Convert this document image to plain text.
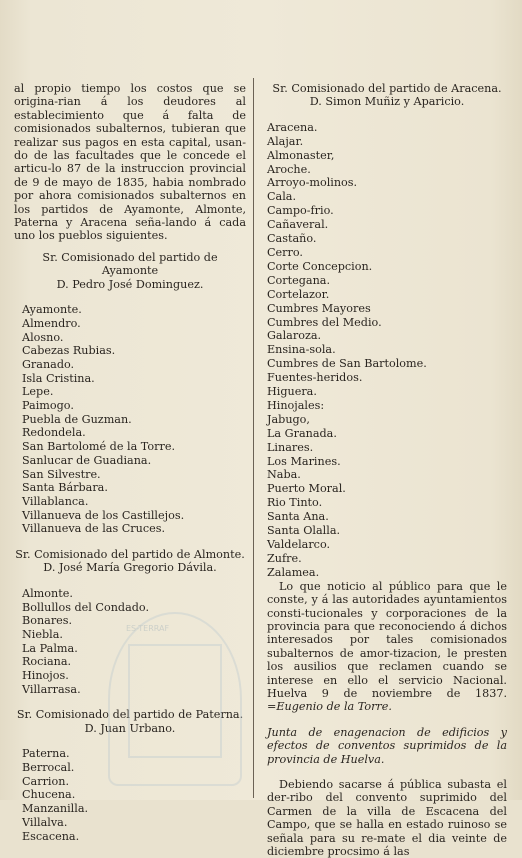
al propio tiempo los costos que se origina-rian á los deudores al establecimiento que á falta de comisionados subalternos, tubieran que realizar sus pagos en esta capital, usan-do de las facultades que le concede el articu-lo 87 de la instruccion provincial de 9 de mayo de 1835, habia nombrado por ahora comisionados subalternos en los partidos de Ayamonte, Almonte, Paterna y Aracena seña-lando á cada uno los pueblos siguientes.

Sr. Comisionado del partido de Ayamonte

D. Pedro José Dominguez.

Ayamonte.
Almendro.
Alosno.
Cabezas Rubias.
Granado.
Isla Cristina.
Lepe.
Paimogo.
Puebla de Guzman.
Redondela.
San Bartolomé de la Torre.
Sanlucar de Guadiana.
San Silvestre.
Santa Bárbara.
Villablanca.
Villanueva de los Castillejos.
Villanueva de las Cruces.

Sr. Comisionado del partido de Almonte.

D. José María Gregorio Dávila.

Almonte.
Bollullos del Condado.
Bonares.
Niebla.
La Palma.
Rociana.
Hinojos.
Villarrasa.

Sr. Comisionado del partido de Paterna.

D. Juan Urbano.

Paterna.
Berrocal.
Carrion.
Chucena.
Manzanilla.
Villalva.
Escacena.

Sr. Comisionado del partido de Aracena.

D. Simon Muñiz y Aparicio.

Aracena.
Alajar.
Almonaster,
Aroche.
Arroyo-molinos.
Cala.
Campo-frio.
Cañaveral.
Castaño.
Cerro.
Corte Concepcion.
Cortegana.
Cortelazor.
Cumbres Mayores
Cumbres del Medio.
Galaroza.
Ensina-sola.
Cumbres de San Bartolome.
Fuentes-heridos.
Higuera.
Hinojales:
Jabugo,
La Granada.
Linares.
Los Marines.
Naba.
Puerto Moral.
Rio Tinto.
Santa Ana.
Santa Olalla.
Valdelarco.
Zufre.
Zalamea.

Lo que noticio al público para que le conste, y á las autoridades ayuntamientos consti-tucionales y corporaciones de la provincia para que reconociendo á dichos interesados por tales comisionados subalternos de amor-tizacion, le presten los ausilios que reclamen cuando se interese en ello el servicio Nacional. Huelva 9 de noviembre de 1837. =Eugenio de la Torre.

Junta de enagenacion de edificios y efectos de conventos suprimidos de la provincia de Huelva.

Debiendo sacarse á pública subasta el der-ribo del convento suprimido del Carmen de la villa de Escacena del Campo, que se halla en estado ruinoso se señala para su re-mate el dia veinte de diciembre procsimo á las

ES-TERRAF
